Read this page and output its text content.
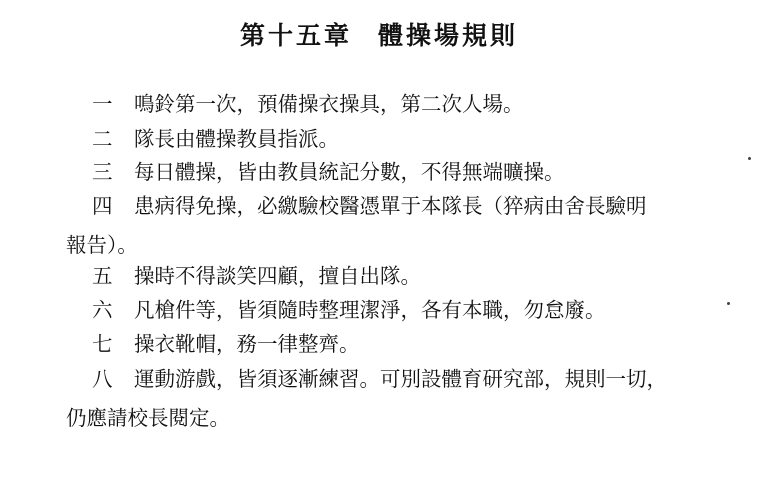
第十五章 體操場規則
一 鳴鈴第一次，預備操衣操具，第二次人場。
二 隊長由體操教員指派。
三 每日體操，皆由教員統記分數，不得無端曠操。
四 患病得免操，必繳驗校醫憑單于本隊長（猝病由舍長驗明
報告）。
五 操時不得談笑四顧，擅自出隊。
六 凡槍件等，皆須隨時整理潔淨，各有本職，勿怠廢。
七 操衣靴帽，務一律整齊。
八 運動游戲，皆須逐漸練習。可別設體育研究部，規則一切，
仍應請校長閱定。
